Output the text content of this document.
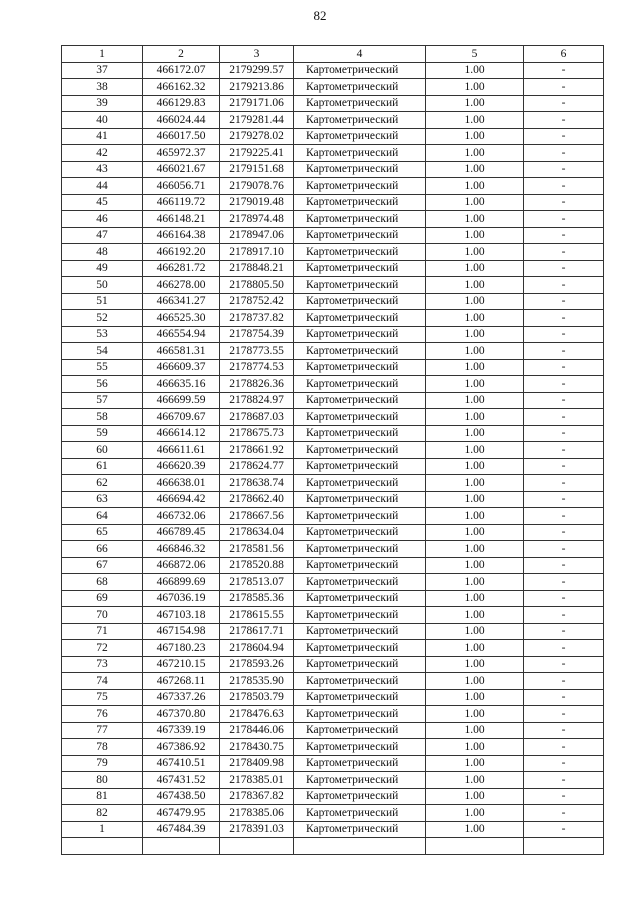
82
1	2	3	4	5	6
37	466172.07	2179299.57	Картометрический	1.00	-
38	466162.32	2179213.86	Картометрический	1.00	-
39	466129.83	2179171.06	Картометрический	1.00	-
40	466024.44	2179281.44	Картометрический	1.00	-
41	466017.50	2179278.02	Картометрический	1.00	-
42	465972.37	2179225.41	Картометрический	1.00	-
43	466021.67	2179151.68	Картометрический	1.00	-
44	466056.71	2179078.76	Картометрический	1.00	-
45	466119.72	2179019.48	Картометрический	1.00	-
46	466148.21	2178974.48	Картометрический	1.00	-
47	466164.38	2178947.06	Картометрический	1.00	-
48	466192.20	2178917.10	Картометрический	1.00	-
49	466281.72	2178848.21	Картометрический	1.00	-
50	466278.00	2178805.50	Картометрический	1.00	-
51	466341.27	2178752.42	Картометрический	1.00	-
52	466525.30	2178737.82	Картометрический	1.00	-
53	466554.94	2178754.39	Картометрический	1.00	-
54	466581.31	2178773.55	Картометрический	1.00	-
55	466609.37	2178774.53	Картометрический	1.00	-
56	466635.16	2178826.36	Картометрический	1.00	-
57	466699.59	2178824.97	Картометрический	1.00	-
58	466709.67	2178687.03	Картометрический	1.00	-
59	466614.12	2178675.73	Картометрический	1.00	-
60	466611.61	2178661.92	Картометрический	1.00	-
61	466620.39	2178624.77	Картометрический	1.00	-
62	466638.01	2178638.74	Картометрический	1.00	-
63	466694.42	2178662.40	Картометрический	1.00	-
64	466732.06	2178667.56	Картометрический	1.00	-
65	466789.45	2178634.04	Картометрический	1.00	-
66	466846.32	2178581.56	Картометрический	1.00	-
67	466872.06	2178520.88	Картометрический	1.00	-
68	466899.69	2178513.07	Картометрический	1.00	-
69	467036.19	2178585.36	Картометрический	1.00	-
70	467103.18	2178615.55	Картометрический	1.00	-
71	467154.98	2178617.71	Картометрический	1.00	-
72	467180.23	2178604.94	Картометрический	1.00	-
73	467210.15	2178593.26	Картометрический	1.00	-
74	467268.11	2178535.90	Картометрический	1.00	-
75	467337.26	2178503.79	Картометрический	1.00	-
76	467370.80	2178476.63	Картометрический	1.00	-
77	467339.19	2178446.06	Картометрический	1.00	-
78	467386.92	2178430.75	Картометрический	1.00	-
79	467410.51	2178409.98	Картометрический	1.00	-
80	467431.52	2178385.01	Картометрический	1.00	-
81	467438.50	2178367.82	Картометрический	1.00	-
82	467479.95	2178385.06	Картометрический	1.00	-
1	467484.39	2178391.03	Картометрический	1.00	-
